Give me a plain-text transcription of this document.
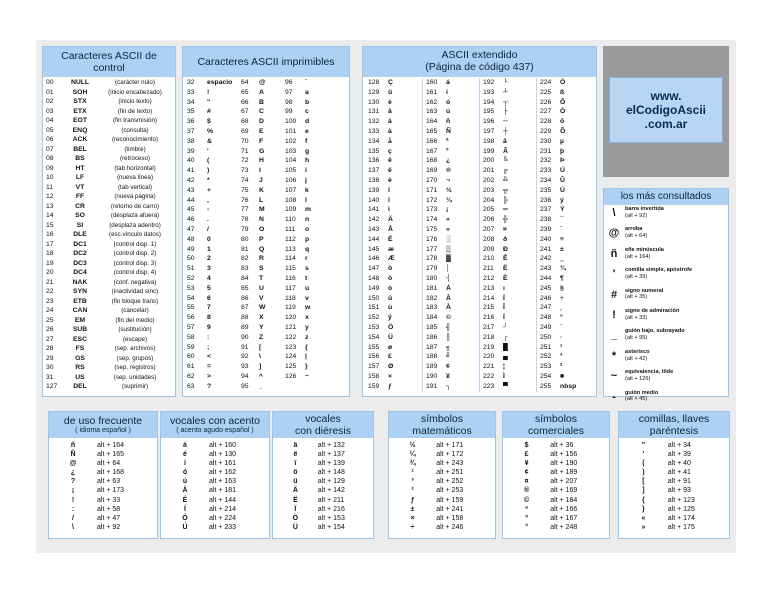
Caracteres ASCII de control
00	NULL	(carácter nulo)
01	SOH	(inicio encabezado)
02	STX	(inicio texto)
03	ETX	(fin de texto)
04	EOT	(fin transmisión)
05	ENQ	(consulta)
06	ACK	(reconocimiento)
07	BEL	(timbre)
08	BS	(retroceso)
09	HT	(tab horizontal)
10	LF	(nueva línea)
11	VT	(tab vertical)
12	FF	(nueva página)
13	CR	(retorno de carro)
14	SO	(desplaza afuera)
15	SI	(desplaza adentro)
16	DLE	(esc.vínculo datos)
17	DC1	(control disp. 1)
18	DC2	(control disp. 2)
19	DC3	(control disp. 3)
20	DC4	(control disp. 4)
21	NAK	(conf. negativa)
22	SYN	(inactividad sínc)
23	ETB	(fin bloque trans)
24	CAN	(cancelar)
25	EM	(fin del medio)
26	SUB	(sustitución)
27	ESC	(escape)
28	FS	(sep. archivos)
29	GS	(sep. grupos)
30	RS	(sep. registros)
31	US	(sep. unidades)
127	DEL	(suprimir)
Caracteres ASCII imprimibles
32	espacio
33	!
34	"
35	#
36	$
37	%
38	&
39	'
40	(
41	)
42	*
43	+
44	,
45	-
46	.
47	/
48	0
49	1
50	2
51	3
52	4
53	5
54	6
55	7
56	8
57	9
58	:
59	;
60	<
61	=
62	>
63	?
64	@
65	A
66	B
67	C
68	D
69	E
70	F
71	G
72	H
73	I
74	J
75	K
76	L
77	M
78	N
79	O
80	P
81	Q
82	R
83	S
84	T
85	U
86	V
87	W
88	X
89	Y
90	Z
91	[
92	\
93	]
94	^
95	_
96	`
97	a
98	b
99	c
100	d
101	e
102	f
103	g
104	h
105	i
106	j
107	k
108	l
109	m
110	n
111	o
112	p
113	q
114	r
115	s
116	t
117	u
118	v
119	w
120	x
121	y
122	z
123	{
124	|
125	}
126	~
ASCII extendido
(Página de código 437)
128	Ç
129	ü
130	é
131	â
132	ä
133	à
134	å
135	ç
136	ê
137	ë
138	è
139	ï
140	î
141	ì
142	Ä
143	Å
144	É
145	æ
146	Æ
147	ô
148	ö
149	ò
150	û
151	ù
152	ÿ
153	Ö
154	Ü
155	ø
156	£
157	Ø
158	×
159	ƒ
160	á
161	í
162	ó
163	ú
164	ñ
165	Ñ
166	ª
167	º
168	¿
169	®
170	¬
171	½
172	¼
173	¡
174	«
175	»
176	░
177	▒
178	▓
179	│
180	┤
181	Á
182	Â
183	À
184	©
185	╣
186	║
187	╗
188	╝
189	¢
190	¥
191	┐
192	└
193	┴
194	┬
195	├
196	─
197	┼
198	ã
199	Ã
200	╚
201	╔
202	╩
203	╦
204	╠
205	═
206	╬
207	¤
208	ð
209	Ð
210	Ê
211	Ë
212	È
213	ı
214	Í
215	Î
216	Ï
217	┘
218	┌
219	█
220	▄
221	¦
222	Ì
223	▀
224	Ó
225	ß
226	Ô
227	Ò
228	õ
229	Õ
230	µ
231	þ
232	Þ
233	Ú
234	Û
235	Ù
236	ý
237	Ý
238	¯
239	´
240	≡
241	±
242	‗
243	¾
244	¶
245	§
246	÷
247	¸
248	°
249	¨
250	·
251	¹
252	³
253	²
254	■
255	nbsp
www.
elCodigoAscii
.com.ar
los más consultados
\	barra invertida
(alt + 92)
@ arroba
(alt + 64)
ñ	eñe minúscula
(alt + 164)
'	comilla simple, apóstrofe
(alt + 39)
#	signo numeral
(alt + 35)
!	signo de admiración
(alt + 33)
_	guión bajo, subrayado
(alt + 95)
*	asterisco
(alt + 42)
~	equivalencia, tilde
(alt + 126)
-	guión medio
(alt + 45)
de uso frecuente
( idioma español )
ñ	alt + 164
Ñ	alt + 165
@	alt + 64
¿	alt + 168
?	alt + 63
¡	alt + 173
!	alt + 33
:	alt + 58
/	alt + 47
\	alt + 92
vocales con acento
( acento agudo español )
á	alt + 160
é	alt + 130
í	alt + 161
ó	alt + 162
ú	alt + 163
Á	alt + 181
É	alt + 144
Í	alt + 214
Ó	alt + 224
Ú	alt + 233
vocales
con diéresis
ä	alt + 132
ë	alt + 137
ï	alt + 139
ö	alt + 148
ü	alt + 129
Ä	alt + 142
Ë	alt + 211
Ï	alt + 216
Ö	alt + 153
Ü	alt + 154
símbolos
matemáticos
½	alt + 171
¼	alt + 172
¾	alt + 243
¹	alt + 251
³	alt + 252
²	alt + 253
ƒ	alt + 159
±	alt + 241
×	alt + 158
÷	alt + 246
símbolos
comerciales
$	alt + 36
£	alt + 156
¥	alt + 190
¢	alt + 189
¤	alt + 207
®	alt + 169
©	alt + 184
ª	alt + 166
º	alt + 167
°	alt + 248
comillas, llaves
paréntesis
"	alt + 34
'	alt + 39
(	alt + 40
)	alt + 41
[	alt + 91
]	alt + 93
{	alt + 123
}	alt + 125
«	alt + 174
»	alt + 175
